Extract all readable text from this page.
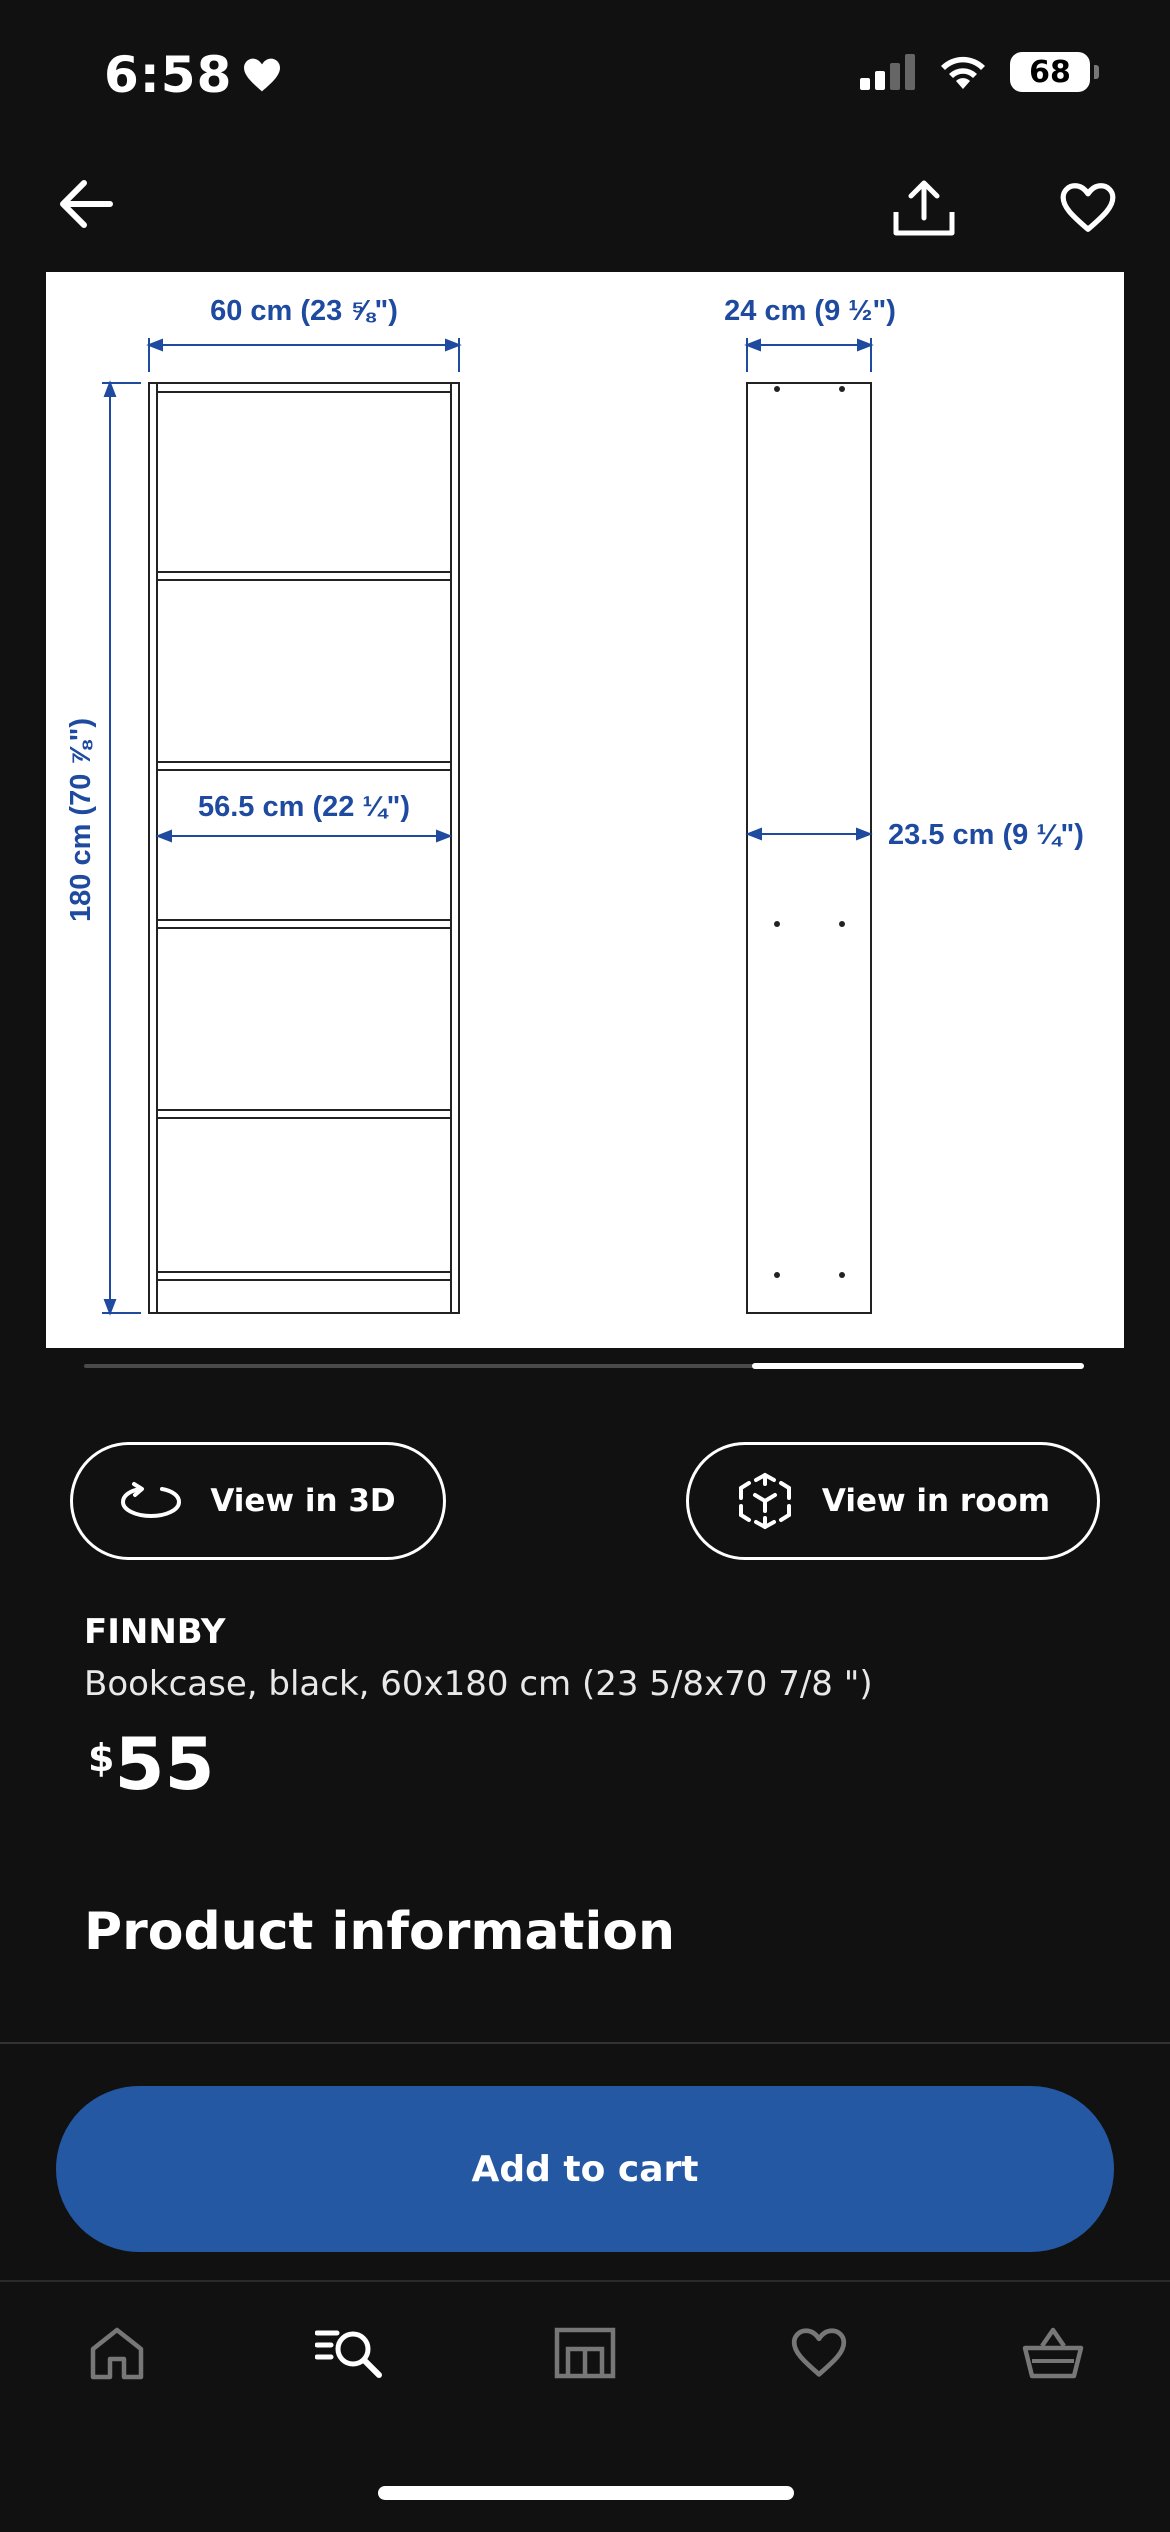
6:58	68
60 cm (23 ⅝")	24 cm (9 ½")
56.5 cm (22 ¼")
23.5 cm (9 ¼")
180 cm (70 ⅞")
View in 3D	View in room
FINNBY
Bookcase, black, 60x180 cm (23 5/8x70 7/8 ")
$ 55
Product information
Add to cart
